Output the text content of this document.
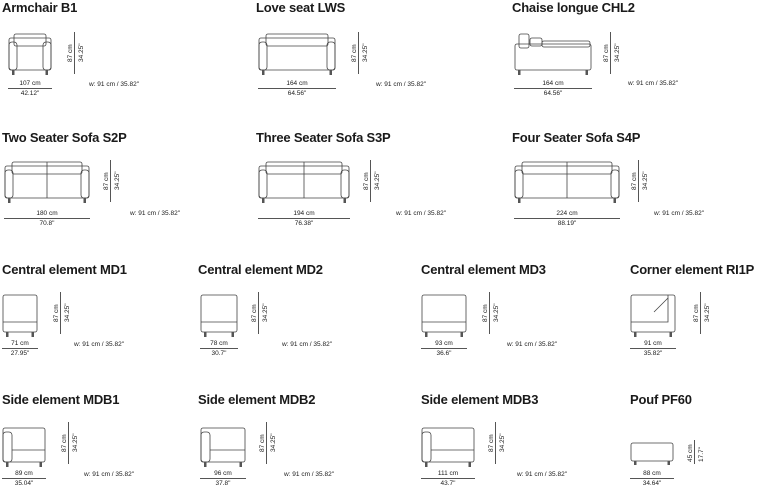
Armchair B1
107 cm
42.12"
87 cm 34.25"
w: 91 cm / 35.82"
Love seat LWS
164 cm
64.56"
87 cm 34.25"
w: 91 cm / 35.82"
Chaise longue CHL2
164 cm
64.56"
87 cm 34.25"
w: 91 cm / 35.82"
Two Seater Sofa S2P
180 cm
70.8"
87 cm 34.25"
w: 91 cm / 35.82"
Three Seater Sofa S3P
194 cm
76.38"
87 cm 34.25"
w: 91 cm / 35.82"
Four Seater Sofa S4P
224 cm
88.19"
87 cm 34.25"
w: 91 cm / 35.82"
Central element MD1
71 cm
27.95"
87 cm 34.25"
w: 91 cm / 35.82"
Central element MD2
78 cm
30.7"
87 cm 34.25"
w: 91 cm / 35.82"
Central element MD3
93 cm
36.6"
87 cm 34.25"
w: 91 cm / 35.82"
Corner element RI1P
91 cm
35.82"
87 cm 34.25"
Side element MDB1
89 cm
35.04"
87 cm 34.25"
w: 91 cm / 35.82"
Side element MDB2
96 cm
37.8"
87 cm 34.25"
w: 91 cm / 35.82"
Side element MDB3
111 cm
43.7"
87 cm 34.25"
w: 91 cm / 35.82"
Pouf PF60
88 cm
34.64"
45 cm 17.7"
